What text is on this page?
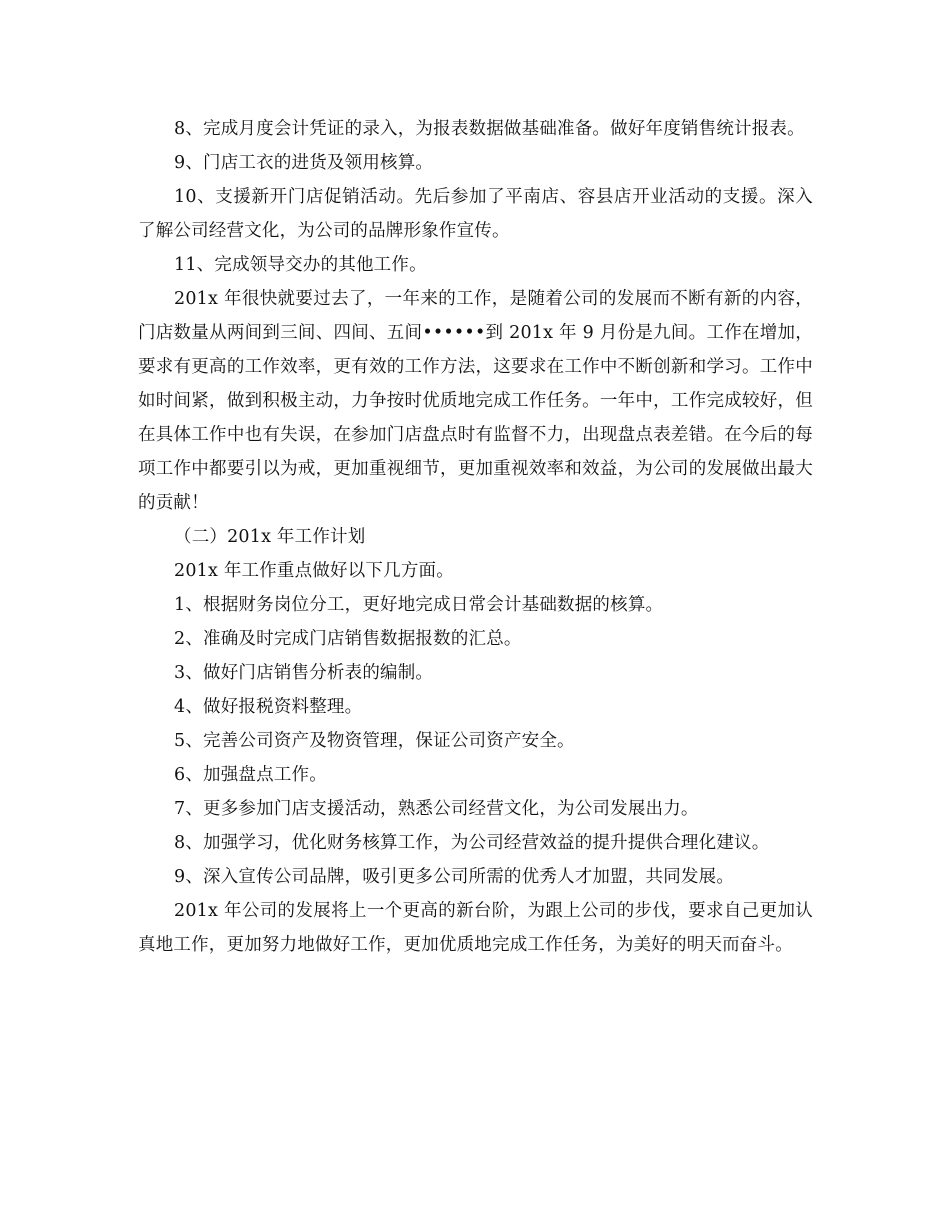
8、完成月度会计凭证的录入，为报表数据做基础准备。做好年度销售统计报表。

9、门店工衣的进货及领用核算。

10、支援新开门店促销活动。先后参加了平南店、容县店开业活动的支援。深入了解公司经营文化，为公司的品牌形象作宣传。

11、完成领导交办的其他工作。

201x 年很快就要过去了，一年来的工作，是随着公司的发展而不断有新的内容，门店数量从两间到三间、四间、五间••••••到 201x 年 9 月份是九间。工作在增加，要求有更高的工作效率，更有效的工作方法，这要求在工作中不断创新和学习。工作中如时间紧，做到积极主动，力争按时优质地完成工作任务。一年中，工作完成较好，但在具体工作中也有失误，在参加门店盘点时有监督不力，出现盘点表差错。在今后的每项工作中都要引以为戒，更加重视细节，更加重视效率和效益，为公司的发展做出最大的贡献！

（二）201x 年工作计划

201x 年工作重点做好以下几方面。

1、根据财务岗位分工，更好地完成日常会计基础数据的核算。

2、准确及时完成门店销售数据报数的汇总。

3、做好门店销售分析表的编制。

4、做好报税资料整理。

5、完善公司资产及物资管理，保证公司资产安全。

6、加强盘点工作。

7、更多参加门店支援活动，熟悉公司经营文化，为公司发展出力。

8、加强学习，优化财务核算工作，为公司经营效益的提升提供合理化建议。

9、深入宣传公司品牌，吸引更多公司所需的优秀人才加盟，共同发展。

201x 年公司的发展将上一个更高的新台阶，为跟上公司的步伐，要求自己更加认真地工作，更加努力地做好工作，更加优质地完成工作任务，为美好的明天而奋斗。
